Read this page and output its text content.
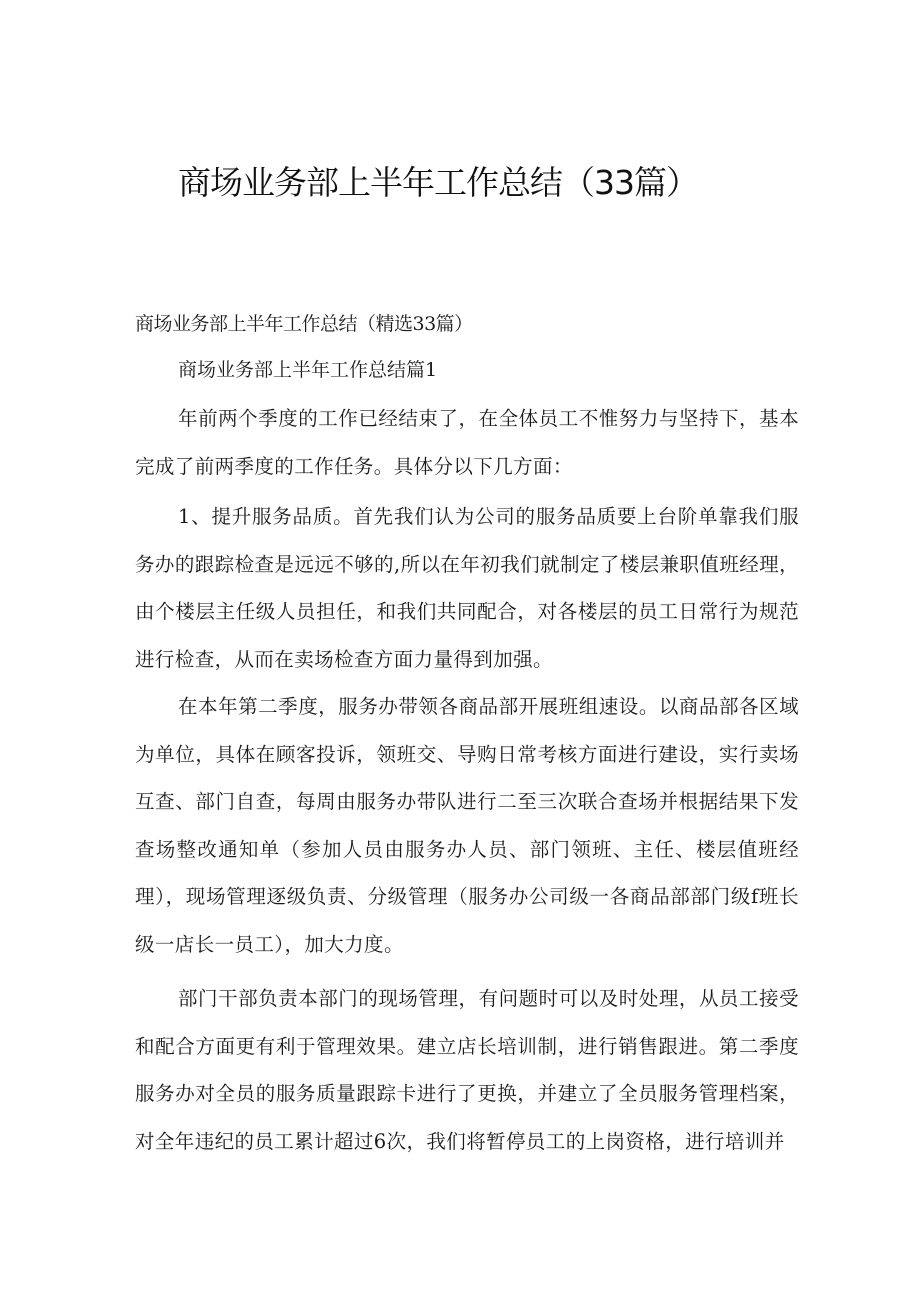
商场业务部上半年工作总结（33篇）
商场业务部上半年工作总结（精选33篇）
商场业务部上半年工作总结篇1

年前两个季度的工作已经结束了，在全体员工不惟努力与坚持下，基本完成了前两季度的工作任务。具体分以下几方面：

1、提升服务品质。首先我们认为公司的服务品质要上台阶单靠我们服务办的跟踪检查是远远不够的,所以在年初我们就制定了楼层兼职值班经理，由个楼层主任级人员担任，和我们共同配合，对各楼层的员工日常行为规范进行检查，从而在卖场检查方面力量得到加强。

在本年第二季度，服务办带领各商品部开展班组速设。以商品部各区域为单位，具体在顾客投诉，领班交、导购日常考核方面进行建设，实行卖场互查、部门自查，每周由服务办带队进行二至三次联合查场并根据结果下发查场整改通知单（参加人员由服务办人员、部门领班、主任、楼层值班经理），现场管理逐级负责、分级管理（服务办公司级一各商品部部门级f班长级一店长一员工），加大力度。

部门干部负责本部门的现场管理，有问题时可以及时处理，从员工接受和配合方面更有利于管理效果。建立店长培训制，进行销售跟进。第二季度服务办对全员的服务质量跟踪卡进行了更换，并建立了全员服务管理档案，对全年违纪的员工累计超过6次，我们将暂停员工的上岗资格，进行培训并
